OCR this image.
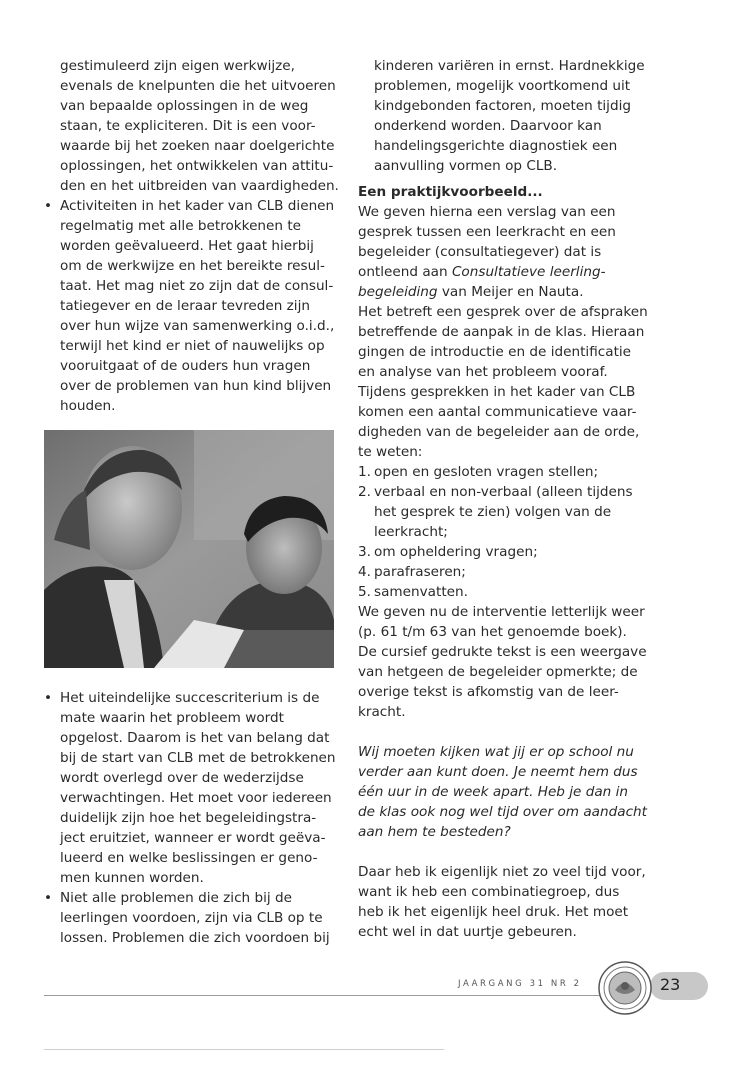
gestimuleerd zijn eigen werkwijze,

evenals de knelpunten die het uitvoeren

van bepaalde oplossingen in de weg

staan, te expliciteren. Dit is een voor-

waarde bij het zoeken naar doelgerichte

oplossingen, het ontwikkelen van attitu-

den en het uitbreiden van vaardigheden.

• Activiteiten in het kader van CLB dienen

regelmatig met alle betrokkenen te

worden geëvalueerd. Het gaat hierbij

om de werkwijze en het bereikte resul-

taat. Het mag niet zo zijn dat de consul-

tatiegever en de leraar tevreden zijn

over hun wijze van samenwerking o.i.d.,

terwijl het kind er niet of nauwelijks op

vooruitgaat of de ouders hun vragen

over de problemen van hun kind blijven

houden.

• Het uiteindelijke succescriterium is de

mate waarin het probleem wordt

opgelost. Daarom is het van belang dat

bij de start van CLB met de betrokkenen

wordt overlegd over de wederzijdse

verwachtingen. Het moet voor iedereen

duidelijk zijn hoe het begeleidingstra-

ject eruitziet, wanneer er wordt geëva-

lueerd en welke beslissingen er geno-

men kunnen worden.

• Niet alle problemen die zich bij de

leerlingen voordoen, zijn via CLB op te

lossen. Problemen die zich voordoen bij

kinderen variëren in ernst. Hardnekkige

problemen, mogelijk voortkomend uit

kindgebonden factoren, moeten tijdig

onderkend worden. Daarvoor kan

handelingsgerichte diagnostiek een

aanvulling vormen op CLB.

Een praktijkvoorbeeld...

We geven hierna een verslag van een

gesprek tussen een leerkracht en een

begeleider (consultatiegever) dat is

ontleend aan Consultatieve leerling-

begeleiding van Meijer en Nauta.

Het betreft een gesprek over de afspraken

betreffende de aanpak in de klas. Hieraan

gingen de introductie en de identificatie

en analyse van het probleem vooraf.

Tijdens gesprekken in het kader van CLB

komen een aantal communicatieve vaar-

digheden van de begeleider aan de orde,

te weten:

1. open en gesloten vragen stellen;

2. verbaal en non-verbaal (alleen tijdens

het gesprek te zien) volgen van de

leerkracht;

3. om opheldering vragen;

4. parafraseren;

5. samenvatten.

We geven nu de interventie letterlijk weer

(p. 61 t/m 63 van het genoemde boek).

De cursief gedrukte tekst is een weergave

van hetgeen de begeleider opmerkte; de

overige tekst is afkomstig van de leer-

kracht.

Wij moeten kijken wat jij er op school nu

verder aan kunt doen. Je neemt hem dus

één uur in de week apart. Heb je dan in

de klas ook nog wel tijd over om aandacht

aan hem te besteden?

Daar heb ik eigenlijk niet zo veel tijd voor,

want ik heb een combinatiegroep, dus

heb ik het eigenlijk heel druk. Het moet

echt wel in dat uurtje gebeuren.

JAARGANG 31 NR 2	23
